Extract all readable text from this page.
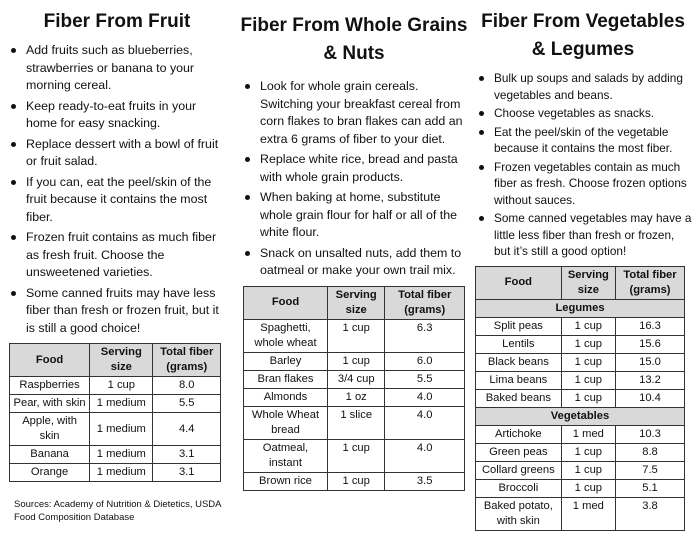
Fiber From Fruit
Add fruits such as blueberries, strawberries or banana to your morning cereal.
Keep ready-to-eat fruits in your home for easy snacking.
Replace dessert with a bowl of fruit or fruit salad.
If you can, eat the peel/skin of the fruit because it contains the most fiber.
Frozen fruit contains as much fiber as fresh fruit. Choose the unsweetened varieties.
Some canned fruits may have less fiber than fresh or frozen fruit, but it is still a good choice!
Food	Serving size	Total fiber (grams)
Raspberries	1 cup	8.0
Pear, with skin	1 medium	5.5
Apple, with skin	1 medium	4.4
Banana	1 medium	3.1
Orange	1 medium	3.1
Sources: Academy of Nutrition & Dietetics, USDA Food Composition Database
Fiber From Whole Grains & Nuts
Look for whole grain cereals. Switching your breakfast cereal from corn flakes to bran flakes can add an extra 6 grams of fiber to your diet.
Replace white rice, bread and pasta with whole grain products.
When baking at home, substitute whole grain flour for half or all of the white flour.
Snack on unsalted nuts, add them to oatmeal or make your own trail mix.
Food	Serving size	Total fiber (grams)
Spaghetti, whole wheat	1 cup	6.3
Barley	1 cup	6.0
Bran flakes	3/4 cup	5.5
Almonds	1 oz	4.0
Whole Wheat bread	1 slice	4.0
Oatmeal, instant	1 cup	4.0
Brown rice	1 cup	3.5
Fiber From Vegetables & Legumes
Bulk up soups and salads by adding vegetables and beans.
Choose vegetables as snacks.
Eat the peel/skin of the vegetable because it contains the most fiber.
Frozen vegetables contain as much fiber as fresh. Choose frozen options without sauces.
Some canned vegetables may have a little less fiber than fresh or frozen, but it’s still a good option!
Food	Serving size	Total fiber (grams)
Legumes		
Split peas	1 cup	16.3
Lentils	1 cup	15.6
Black beans	1 cup	15.0
Lima beans	1 cup	13.2
Baked beans	1 cup	10.4
Vegetables		
Artichoke	1 med	10.3
Green peas	1 cup	8.8
Collard greens	1 cup	7.5
Broccoli	1 cup	5.1
Baked potato, with skin	1 med	3.8
